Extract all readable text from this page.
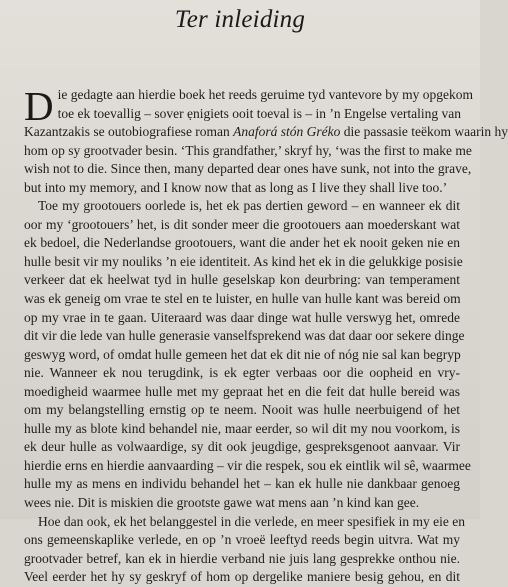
Ter inleiding

D ie gedagte aan hierdie boek het reeds geruime tyd vantevore by my opgekom
toe ek toevallig – sover ẹnigiets ooit toeval is – in ’n Engelse vertaling van
Kazantzakis se outobiografiese roman Anaforá stón Gréko die passasie teëkom waarin hy
hom op sy grootvader besin. ‘This grandfather,’ skryf hy, ‘was the first to make me
wish not to die. Since then, many departed dear ones have sunk, not into the grave,
but into my memory, and I know now that as long as I live they shall live too.’

Toe my grootouers oorlede is, het ek pas dertien geword – en wanneer ek dit
oor my ‘grootouers’ het, is dit sonder meer die grootouers aan moederskant wat
ek bedoel, die Nederlandse grootouers, want die ander het ek nooit geken nie en
hulle besit vir my nouliks ’n eie identiteit. As kind het ek in die gelukkige posisie
verkeer dat ek heelwat tyd in hulle geselskap kon deurbring: van temperament
was ek geneig om vrae te stel en te luister, en hulle van hulle kant was bereid om
op my vrae in te gaan. Uiteraard was daar dinge wat hulle verswyg het, omrede
dit vir die lede van hulle generasie vanselfsprekend was dat daar oor sekere dinge
geswyg word, of omdat hulle gemeen het dat ek dit nie of nóg nie sal kan begryp
nie. Wanneer ek nou terugdink, is ek egter verbaas oor die oopheid en vry-
moedigheid waarmee hulle met my gepraat het en die feit dat hulle bereid was
om my belangstelling ernstig op te neem. Nooit was hulle neerbuigend of het
hulle my as blote kind behandel nie, maar eerder, so wil dit my nou voorkom, is
ek deur hulle as volwaardige, sy dit ook jeugdige, gespreksgenoot aanvaar. Vir
hierdie erns en hierdie aanvaarding – vir die respek, sou ek eintlik wil sê, waarmee
hulle my as mens en individu behandel het – kan ek hulle nie dankbaar genoeg
wees nie. Dit is miskien die grootste gawe wat mens aan ’n kind kan gee.

Hoe dan ook, ek het belanggestel in die verlede, en meer spesifiek in my eie en
ons gemeenskaplike verlede, en op ’n vroeë leeftyd reeds begin uitvra. Wat my
grootvader betref, kan ek in hierdie verband nie juis lang gesprekke onthou nie.
Veel eerder het hy sy geskryf of hom op dergelike maniere besig gehou, en dit
